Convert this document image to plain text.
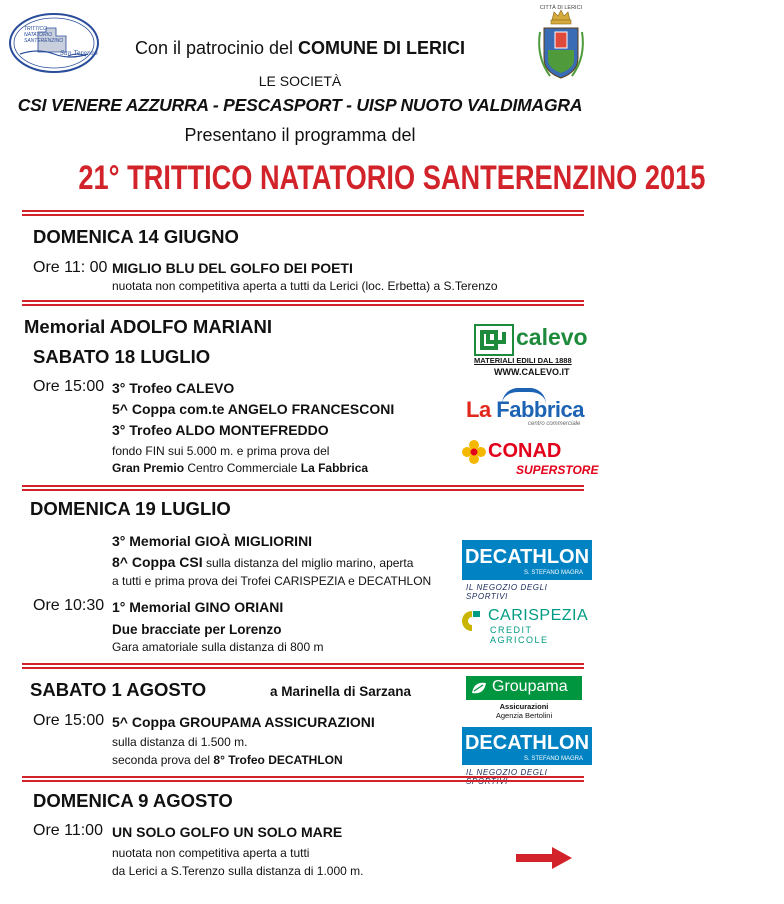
TRITTICO
NATATORIO
SANTERENZINO
San Terenzo
CITTÀ DI LERICI
Con il patrocinio del COMUNE DI LERICI
LE SOCIETÀ
CSI VENERE AZZURRA - PESCASPORT - UISP NUOTO VALDIMAGRA
Presentano il programma del
21° TRITTICO NATATORIO SANTERENZINO 2015
DOMENICA 14 GIUGNO
Ore 11: 00 MIGLIO BLU DEL GOLFO DEI POETI
nuotata non competitiva aperta a tutti da Lerici (loc. Erbetta) a S.Terenzo
Memorial ADOLFO MARIANI
SABATO 18 LUGLIO
Ore 15:00 3° Trofeo CALEVO
5^ Coppa com.te ANGELO FRANCESCONI
3° Trofeo ALDO MONTEFREDDO
fondo FIN sui 5.000 m. e prima prova del
Gran Premio Centro Commerciale La Fabbrica
calevo
MATERIALI EDILI DAL 1888
WWW.CALEVO.IT
La Fabbrica
centro commerciale
CONAD
SUPERSTORE
DOMENICA 19 LUGLIO
3° Memorial GIOÀ MIGLIORINI
8^ Coppa CSI sulla distanza del miglio marino, aperta
a tutti e prima prova dei Trofei CARISPEZIA e DECATHLON
Ore 10:30 1° Memorial GINO ORIANI
Due bracciate per Lorenzo
Gara amatoriale sulla distanza di 800 m
DECATHLON
S. STEFANO MAGRA
IL NEGOZIO DEGLI SPORTIVI
CARISPEZIA
CREDIT AGRICOLE
SABATO 1 AGOSTO	a Marinella di Sarzana
Ore 15:00 5^ Coppa GROUPAMA ASSICURAZIONI
sulla distanza di 1.500 m.
seconda prova del 8° Trofeo DECATHLON
Groupama
Assicurazioni
Agenzia Bertolini
DECATHLON
S. STEFANO MAGRA
IL NEGOZIO DEGLI SPORTIVI
DOMENICA 9 AGOSTO
Ore 11:00 UN SOLO GOLFO UN SOLO MARE
nuotata non competitiva aperta a tutti
da Lerici a S.Terenzo sulla distanza di 1.000 m.
